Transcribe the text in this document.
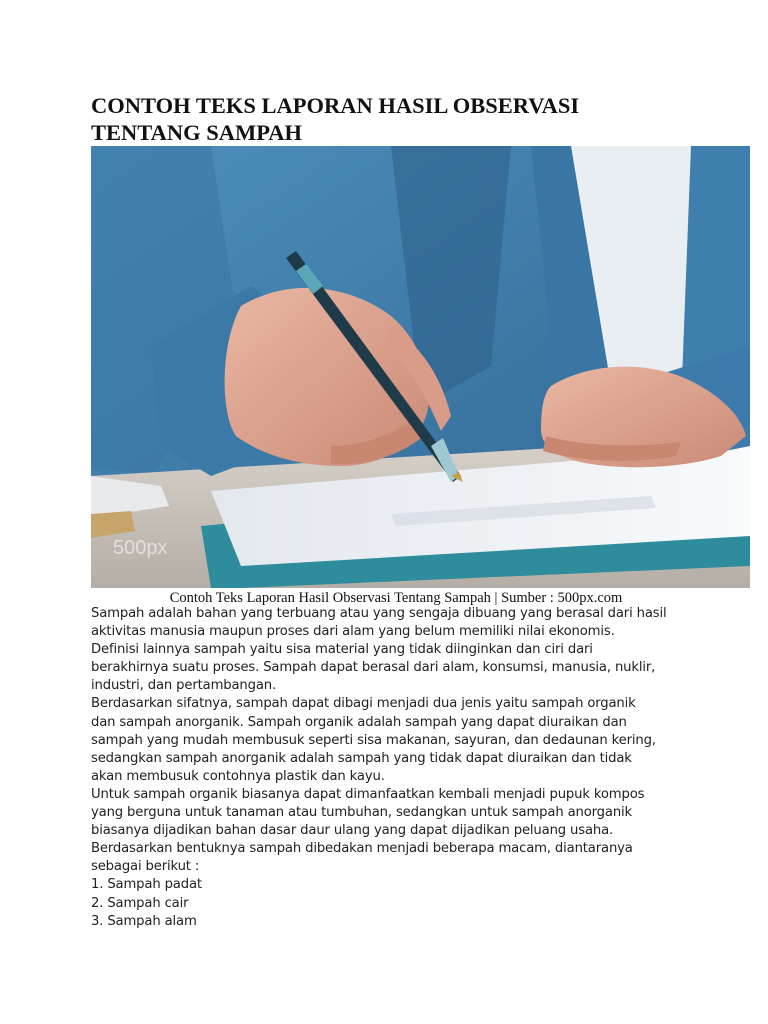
CONTOH TEKS LAPORAN HASIL OBSERVASI
TENTANG SAMPAH
500px
Contoh Teks Laporan Hasil Observasi Tentang Sampah | Sumber : 500px.com
Sampah adalah bahan yang terbuang atau yang sengaja dibuang yang berasal dari hasil
aktivitas manusia maupun proses dari alam yang belum memiliki nilai ekonomis.
Definisi lainnya sampah yaitu sisa material yang tidak diinginkan dan ciri dari
berakhirnya suatu proses. Sampah dapat berasal dari alam, konsumsi, manusia, nuklir,
industri, dan pertambangan.
Berdasarkan sifatnya, sampah dapat dibagi menjadi dua jenis yaitu sampah organik
dan sampah anorganik. Sampah organik adalah sampah yang dapat diuraikan dan
sampah yang mudah membusuk seperti sisa makanan, sayuran, dan dedaunan kering,
sedangkan sampah anorganik adalah sampah yang tidak dapat diuraikan dan tidak
akan membusuk contohnya plastik dan kayu.
Untuk sampah organik biasanya dapat dimanfaatkan kembali menjadi pupuk kompos
yang berguna untuk tanaman atau tumbuhan, sedangkan untuk sampah anorganik
biasanya dijadikan bahan dasar daur ulang yang dapat dijadikan peluang usaha.
Berdasarkan bentuknya sampah dibedakan menjadi beberapa macam, diantaranya
sebagai berikut :
1. Sampah padat
2. Sampah cair
3. Sampah alam
